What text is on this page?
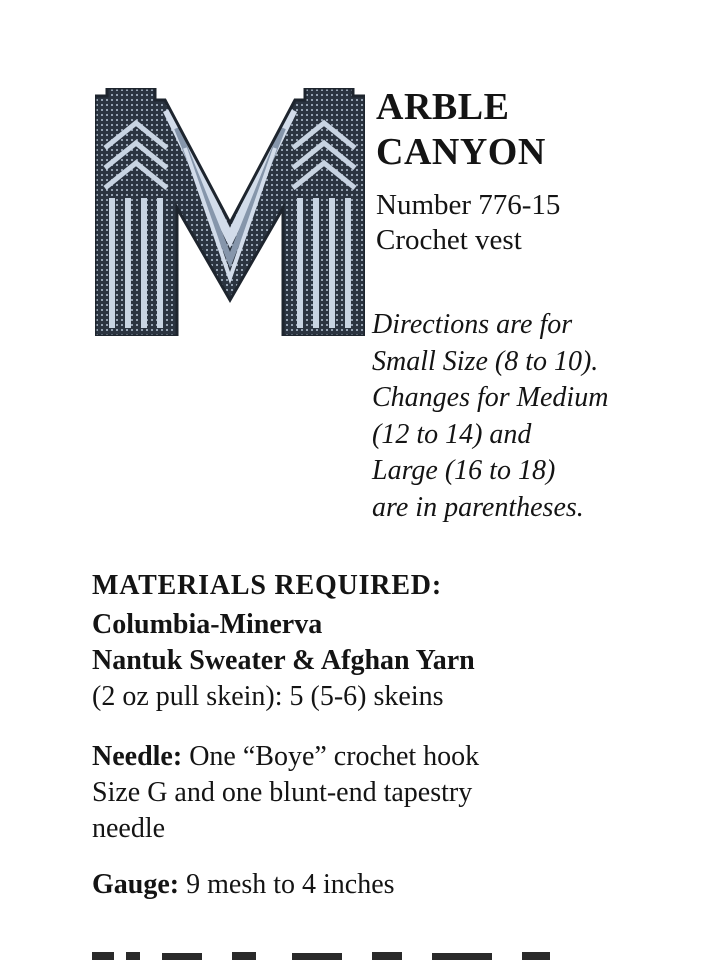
ARBLE
CANYON
Number 776-15
Crochet vest
Directions are for
Small Size (8 to 10).
Changes for Medium
(12 to 14) and
Large (16 to 18)
are in parentheses.
MATERIALS REQUIRED:
Columbia-Minerva
Nantuk Sweater & Afghan Yarn
(2 oz pull skein): 5 (5-6) skeins
Needle: One “Boye” crochet hook
Size G and one blunt-end tapestry
needle
Gauge: 9 mesh to 4 inches
